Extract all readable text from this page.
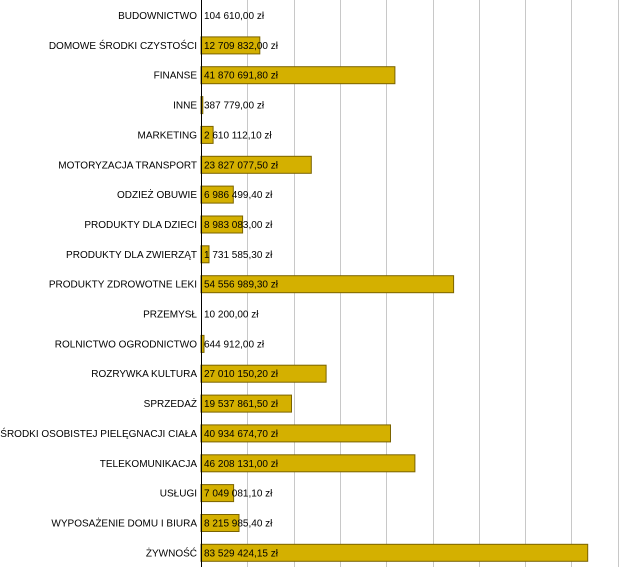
BUDOWNICTWO
DOMOWE ŚRODKI CZYSTOŚCI
FINANSE
INNE
MARKETING
MOTORYZACJA TRANSPORT
ODZIEŻ OBUWIE
PRODUKTY DLA DZIECI
PRODUKTY DLA ZWIERZĄT
PRODUKTY ZDROWOTNE LEKI
PRZEMYSŁ
ROLNICTWO OGRODNICTWO
ROZRYWKA KULTURA
SPRZEDAŻ
ŚRODKI OSOBISTEJ PIELĘGNACJI CIAŁA
TELEKOMUNIKACJA
USŁUGI
WYPOSAŻENIE DOMU I BIURA
ŻYWNOŚĆ
104 610,00 zł
12 709 832,00 zł
41 870 691,80 zł
387 779,00 zł
2 610 112,10 zł
23 827 077,50 zł
6 986 499,40 zł
8 983 083,00 zł
1 731 585,30 zł
54 556 989,30 zł
10 200,00 zł
644 912,00 zł
27 010 150,20 zł
19 537 861,50 zł
40 934 674,70 zł
46 208 131,00 zł
7 049 081,10 zł
8 215 985,40 zł
83 529 424,15 zł
